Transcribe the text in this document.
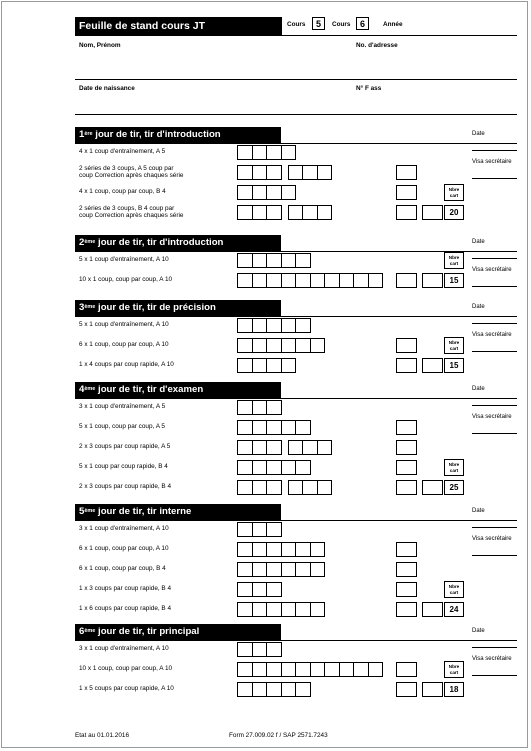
Feuille de stand cours JT	Cours	5	Cours	6	Année
Nom, Prénom	No. d'adresse
Date de naissance	N° F ass
1ère jour de tir, tir d'introduction	Date
Visa secrétaire
4 x 1 coup d'entraînement, A 5
2 séries de 3 coups, A 5 coup par
coup Correction après chaques série
4 x 1 coup, coup par coup, B 4	Nbre
cart
2 séries de 3 coups, B 4 coup par
coup Correction après chaques série	20
2ème jour de tir, tir d'introduction	Date
Visa secrétaire
5 x 1 coup d'entraînement, A 10	Nbre
cart
10 x 1 coup, coup par coup, A 10	15
3ème jour de tir, tir de précision	Date
Visa secrétaire
5 x 1 coup d'entraînement, A 10
6 x 1 coup, coup par coup, A 10	Nbre
cart
1 x 4 coups par coup rapide, A 10	15
4ème jour de tir, tir d'examen	Date
Visa secrétaire
3 x 1 coup d'entraînement, A 5
5 x 1 coup, coup par coup, A 5
2 x 3 coups par coup rapide, A 5
5 x 1 coup par coup rapide, B 4	Nbre
cart
2 x 3 coups par coup rapide, B 4	25
5ème jour de tir, tir interne	Date
Visa secrétaire
3 x 1 coup d'entraînement, A 10
6 x 1 coup, coup par coup, A 10
6 x 1 coup, coup par coup, B 4
1 x 3 coups par coup rapide, B 4	Nbre
cart
1 x 6 coups par coup rapide, B 4	24
6ème jour de tir, tir principal	Date
Visa secrétaire
3 x 1 coup d'entraînement, A 10
10 x 1 coup, coup par coup, A 10	Nbre
cart
1 x 5 coups par coup rapide, A 10	18
Etat au 01.01.2016	Form 27.009.02 f / SAP 2571.7243
